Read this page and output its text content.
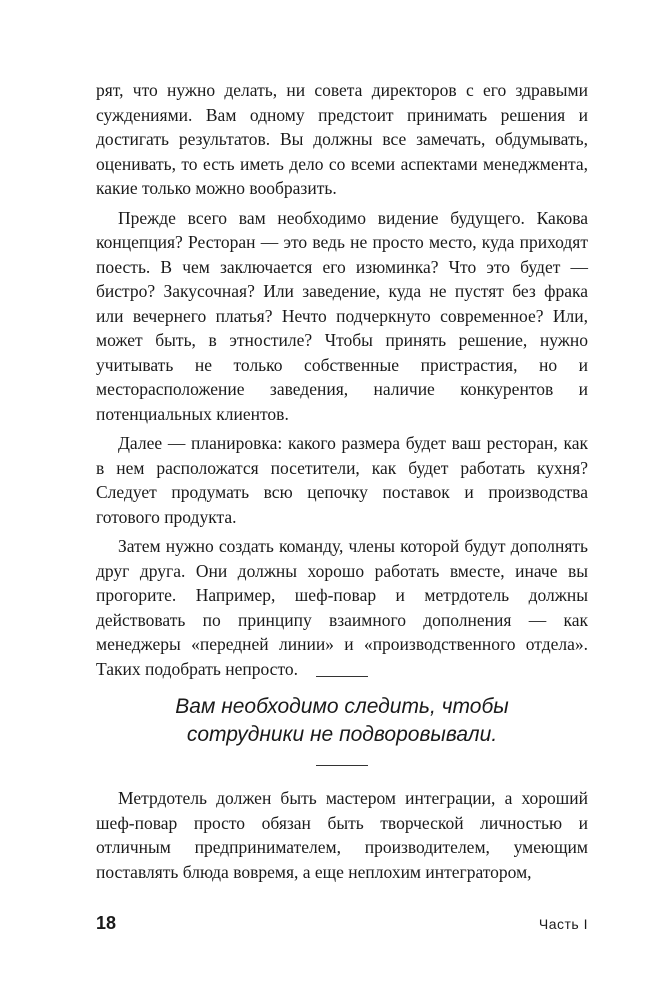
рят, что нужно делать, ни совета директоров с его здравыми суждениями. Вам одному предстоит принимать решения и достигать результатов. Вы должны все замечать, обдумывать, оценивать, то есть иметь дело со всеми аспектами менеджмента, какие только можно вообразить.

Прежде всего вам необходимо видение будущего. Какова концепция? Ресторан — это ведь не просто место, куда приходят поесть. В чем заключается его изюминка? Что это будет — бистро? Закусочная? Или заведение, куда не пустят без фрака или вечернего платья? Нечто подчеркнуто современное? Или, может быть, в этностиле? Чтобы принять решение, нужно учитывать не только собственные пристрастия, но и месторасположение заведения, наличие конкурентов и потенциальных клиентов.

Далее — планировка: какого размера будет ваш ресторан, как в нем расположатся посетители, как будет работать кухня? Следует продумать всю цепочку поставок и производства готового продукта.

Затем нужно создать команду, члены которой будут дополнять друг друга. Они должны хорошо работать вместе, иначе вы прогорите. Например, шеф-повар и метрдотель должны действовать по принципу взаимного дополнения — как менеджеры «передней линии» и «производственного отдела». Таких подобрать непросто.

Вам необходимо следить, чтобы сотрудники не подворовывали.

Метрдотель должен быть мастером интеграции, а хороший шеф-повар просто обязан быть творческой личностью и отличным предпринимателем, производителем, умеющим поставлять блюда вовремя, а еще неплохим интегратором,

18	Часть I
